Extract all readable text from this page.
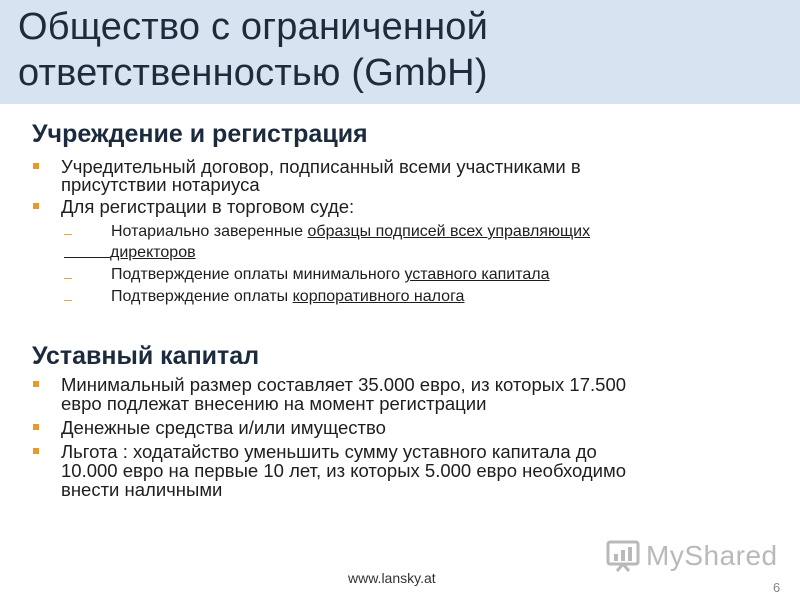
Общество с ограниченной
ответственностью (GmbH)
Учреждение и регистрация
Учредительный договор, подписанный всеми участниками в
присутствии нотариуса
Для регистрации в торговом суде:
– Нотариально заверенные образцы подписей всех управляющих
директоров
– Подтверждение оплаты минимального уставного капитала
– Подтверждение оплаты корпоративного налога
Уставный капитал
Минимальный размер составляет 35.000 евро, из которых 17.500
евро подлежат внесению на момент регистрации
Денежные средства и/или имущество
Льгота : ходатайство уменьшить сумму уставного капитала до
10.000 евро на первые 10 лет, из которых 5.000 евро необходимо
внести наличными
MyShared
www.lansky.at
6
